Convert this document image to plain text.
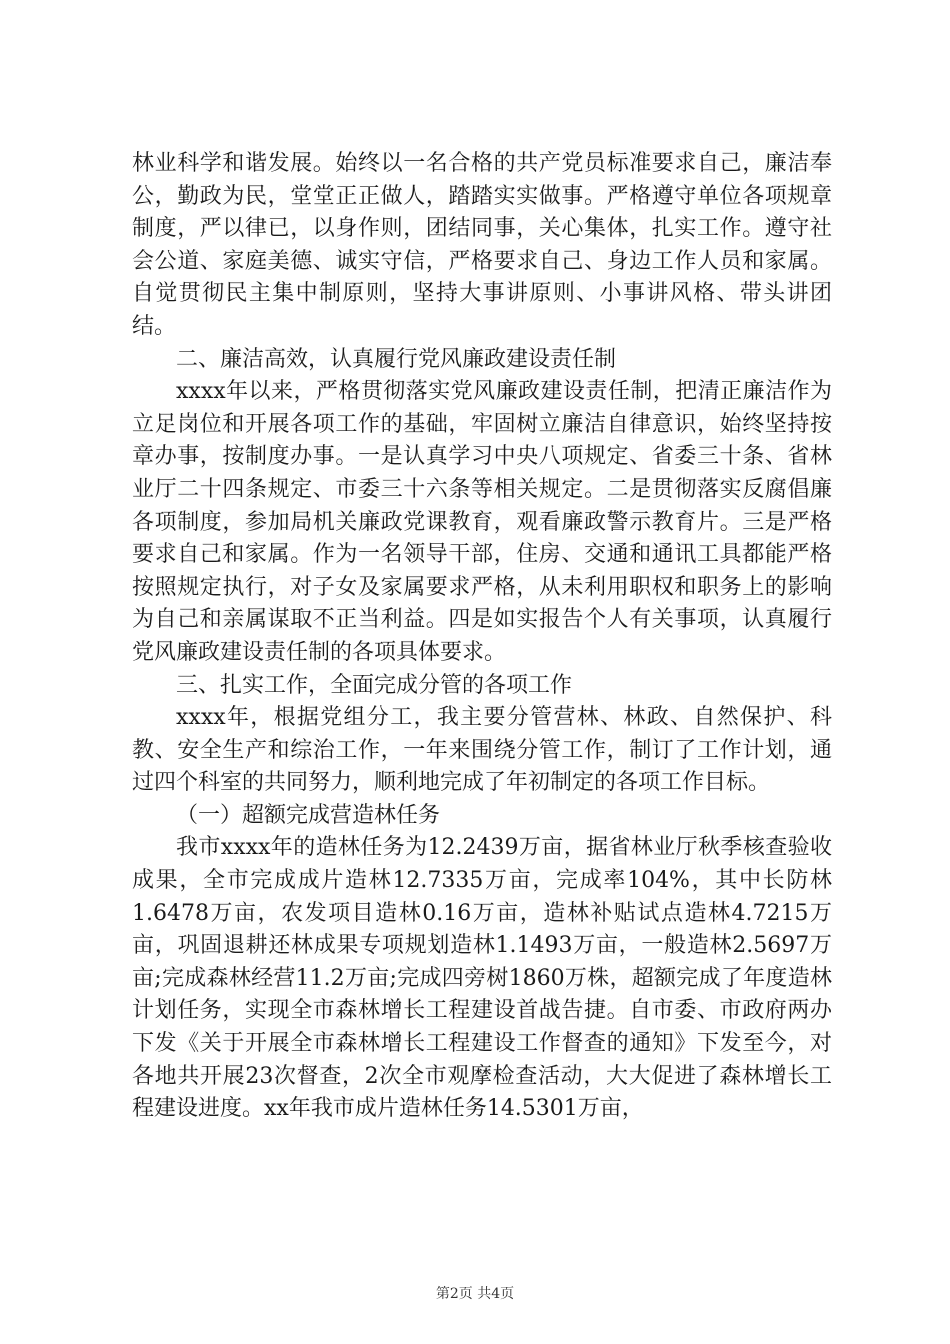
林业科学和谐发展。始终以一名合格的共产党员标准要求自己，廉洁奉公，勤政为民，堂堂正正做人，踏踏实实做事。严格遵守单位各项规章制度，严以律已，以身作则，团结同事，关心集体，扎实工作。遵守社会公道、家庭美德、诚实守信，严格要求自己、身边工作人员和家属。自觉贯彻民主集中制原则，坚持大事讲原则、小事讲风格、带头讲团结。

二、廉洁高效，认真履行党风廉政建设责任制

xxxx年以来，严格贯彻落实党风廉政建设责任制，把清正廉洁作为立足岗位和开展各项工作的基础，牢固树立廉洁自律意识，始终坚持按章办事，按制度办事。一是认真学习中央八项规定、省委三十条、省林业厅二十四条规定、市委三十六条等相关规定。二是贯彻落实反腐倡廉各项制度，参加局机关廉政党课教育，观看廉政警示教育片。三是严格要求自己和家属。作为一名领导干部，住房、交通和通讯工具都能严格按照规定执行，对子女及家属要求严格，从未利用职权和职务上的影响为自己和亲属谋取不正当利益。四是如实报告个人有关事项，认真履行党风廉政建设责任制的各项具体要求。

三、扎实工作，全面完成分管的各项工作

xxxx年，根据党组分工，我主要分管营林、林政、自然保护、科教、安全生产和综治工作，一年来围绕分管工作，制订了工作计划，通过四个科室的共同努力，顺利地完成了年初制定的各项工作目标。

（一）超额完成营造林任务

我市xxxx年的造林任务为12.2439万亩，据省林业厅秋季核查验收成果，全市完成成片造林12.7335万亩，完成率104%，其中长防林1.6478万亩，农发项目造林0.16万亩，造林补贴试点造林4.7215万亩，巩固退耕还林成果专项规划造林1.1493万亩，一般造林2.5697万亩;完成森林经营11.2万亩;完成四旁树1860万株，超额完成了年度造林计划任务，实现全市森林增长工程建设首战告捷。自市委、市政府两办下发《关于开展全市森林增长工程建设工作督查的通知》下发至今，对各地共开展23次督查，2次全市观摩检查活动，大大促进了森林增长工程建设进度。xx年我市成片造林任务14.5301万亩，

第2页 共4页
